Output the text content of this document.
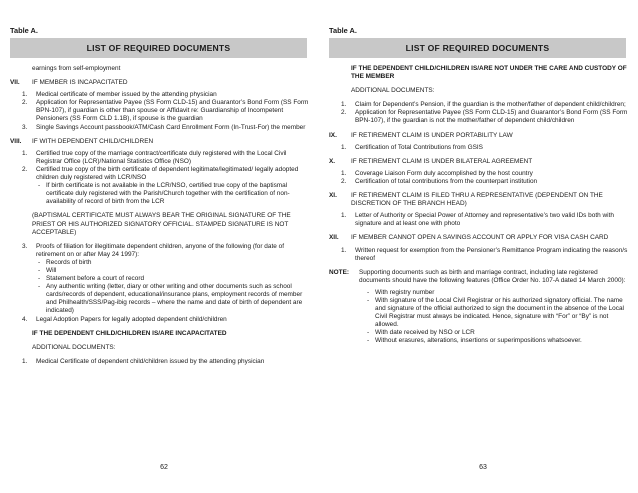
Table A.
LIST OF REQUIRED DOCUMENTS

earnings from self-employment

VII.	IF MEMBER IS INCAPACITATED
1.	Medical certificate of member issued by the attending physician
2.	Application for Representative Payee (SS Form CLD-15) and Guarantor’s Bond Form (SS Form BPN-107), if guardian is other than spouse or Affidavit re: Guardianship of Incompetent Pensioners (SS Form CLD 1.1B), if spouse is the guardian
3.	Single Savings Account passbook/ATM/Cash Card Enrollment Form (In-Trust-For) the member
VIII.	IF WITH DEPENDENT CHILD/CHILDREN
1.	Certified true copy of the marriage contract/certificate duly registered with the Local Civil Registrar Office (LCR)/National Statistics Office (NSO)
2.	Certified true copy of the birth certificate of dependent legitimate/legitimated/ legally adopted children duly registered with LCR/NSO
- If birth certificate is not available in the LCR/NSO, certified true copy of the baptismal certificate duly registered with the Parish/Church together with the certification of non-availability of record of birth from the LCR

(BAPTISMAL CERTIFICATE MUST ALWAYS BEAR THE ORIGINAL SIGNATURE OF THE PRIEST OR HIS AUTHORIZED SIGNATORY OFFICIAL. STAMPED SIGNATURE IS NOT ACCEPTABLE)

3.	Proofs of filiation for illegitimate dependent children, anyone of the following (for date of retirement on or after May 24 1997):
- Records of birth
- Will
- Statement before a court of record
- Any authentic writing (letter, diary or other writing and other documents such as school cards/records of dependent, educational/insurance plans, employment records of member and Philhealth/SSS/Pag-ibig records – where the name and date of birth of dependent are indicated)
4.	Legal Adoption Papers for legally adopted dependent child/children

IF THE DEPENDENT CHILD/CHILDREN IS/ARE INCAPACITATED

ADDITIONAL DOCUMENTS:

1.	Medical Certificate of dependent child/children issued by the attending physician
62
Table A.
LIST OF REQUIRED DOCUMENTS

IF THE DEPENDENT CHILD/CHILDREN IS/ARE NOT UNDER THE CARE AND CUSTODY OF THE MEMBER

ADDITIONAL DOCUMENTS:

1.	Claim for Dependent’s Pension, if the guardian is the mother/father of dependent child/children;
2.	Application for Representative Payee (SS Form CLD-15) and Guarantor’s Bond Form (SS Form BPN-107), if the guardian is not the mother/father of dependent child/children
IX.	IF RETIREMENT CLAIM IS UNDER PORTABILITY LAW
1.	Certification of Total Contributions from GSIS
X.	IF RETIREMENT CLAIM IS UNDER BILATERAL AGREEMENT
1.	Coverage Liaison Form duly accomplished by the host country
2.	Certification of total contributions from the counterpart institution
XI.	IF RETIREMENT CLAIM IS FILED THRU A REPRESENTATIVE (DEPENDENT ON THE DISCRETION OF THE BRANCH HEAD)
1.	Letter of Authority or Special Power of Attorney and representative’s two valid IDs both with signature and at least one with photo
XII.	IF MEMBER CANNOT OPEN A SAVINGS ACCOUNT OR APPLY FOR VISA CASH CARD
1.	Written request for exemption from the Pensioner’s Remittance Program indicating the reason/s thereof
NOTE:	Supporting documents such as birth and marriage contract, including late registered documents should have the following features (Office Order No. 107-A dated 14 March 2000):
- With registry number
- With signature of the Local Civil Registrar or his authorized signatory official. The name and signature of the official authorized to sign the document in the absence of the Local Civil Registrar must always be indicated. Hence, signature with “For” or “By” is not allowed.
- With date received by NSO or LCR
- Without erasures, alterations, insertions or superimpositions whatsoever.
63
